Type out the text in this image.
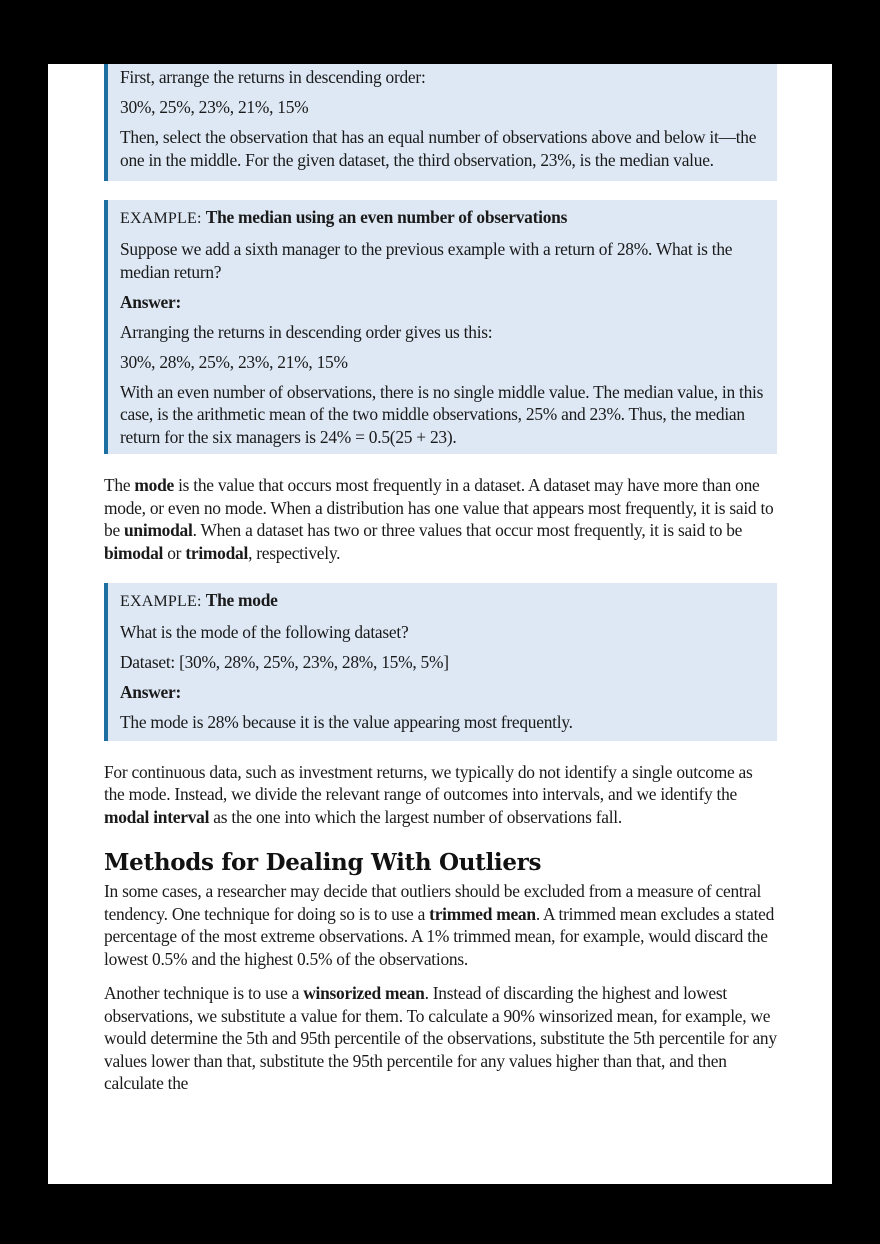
First, arrange the returns in descending order:

30%, 25%, 23%, 21%, 15%

Then, select the observation that has an equal number of observations above and below it—the one in the middle. For the given dataset, the third observation, 23%, is the median value.

EXAMPLE: The median using an even number of observations

Suppose we add a sixth manager to the previous example with a return of 28%. What is the median return?

Answer:

Arranging the returns in descending order gives us this:

30%, 28%, 25%, 23%, 21%, 15%

With an even number of observations, there is no single middle value. The median value, in this case, is the arithmetic mean of the two middle observations, 25% and 23%. Thus, the median return for the six managers is 24% = 0.5(25 + 23).

The mode is the value that occurs most frequently in a dataset. A dataset may have more than one mode, or even no mode. When a distribution has one value that appears most frequently, it is said to be unimodal. When a dataset has two or three values that occur most frequently, it is said to be bimodal or trimodal, respectively.

EXAMPLE: The mode

What is the mode of the following dataset?

Dataset: [30%, 28%, 25%, 23%, 28%, 15%, 5%]

Answer:

The mode is 28% because it is the value appearing most frequently.

For continuous data, such as investment returns, we typically do not identify a single outcome as the mode. Instead, we divide the relevant range of outcomes into intervals, and we identify the modal interval as the one into which the largest number of observations fall.

Methods for Dealing With Outliers

In some cases, a researcher may decide that outliers should be excluded from a measure of central tendency. One technique for doing so is to use a trimmed mean. A trimmed mean excludes a stated percentage of the most extreme observations. A 1% trimmed mean, for example, would discard the lowest 0.5% and the highest 0.5% of the observations.

Another technique is to use a winsorized mean. Instead of discarding the highest and lowest observations, we substitute a value for them. To calculate a 90% winsorized mean, for example, we would determine the 5th and 95th percentile of the observations, substitute the 5th percentile for any values lower than that, substitute the 95th percentile for any values higher than that, and then calculate the
